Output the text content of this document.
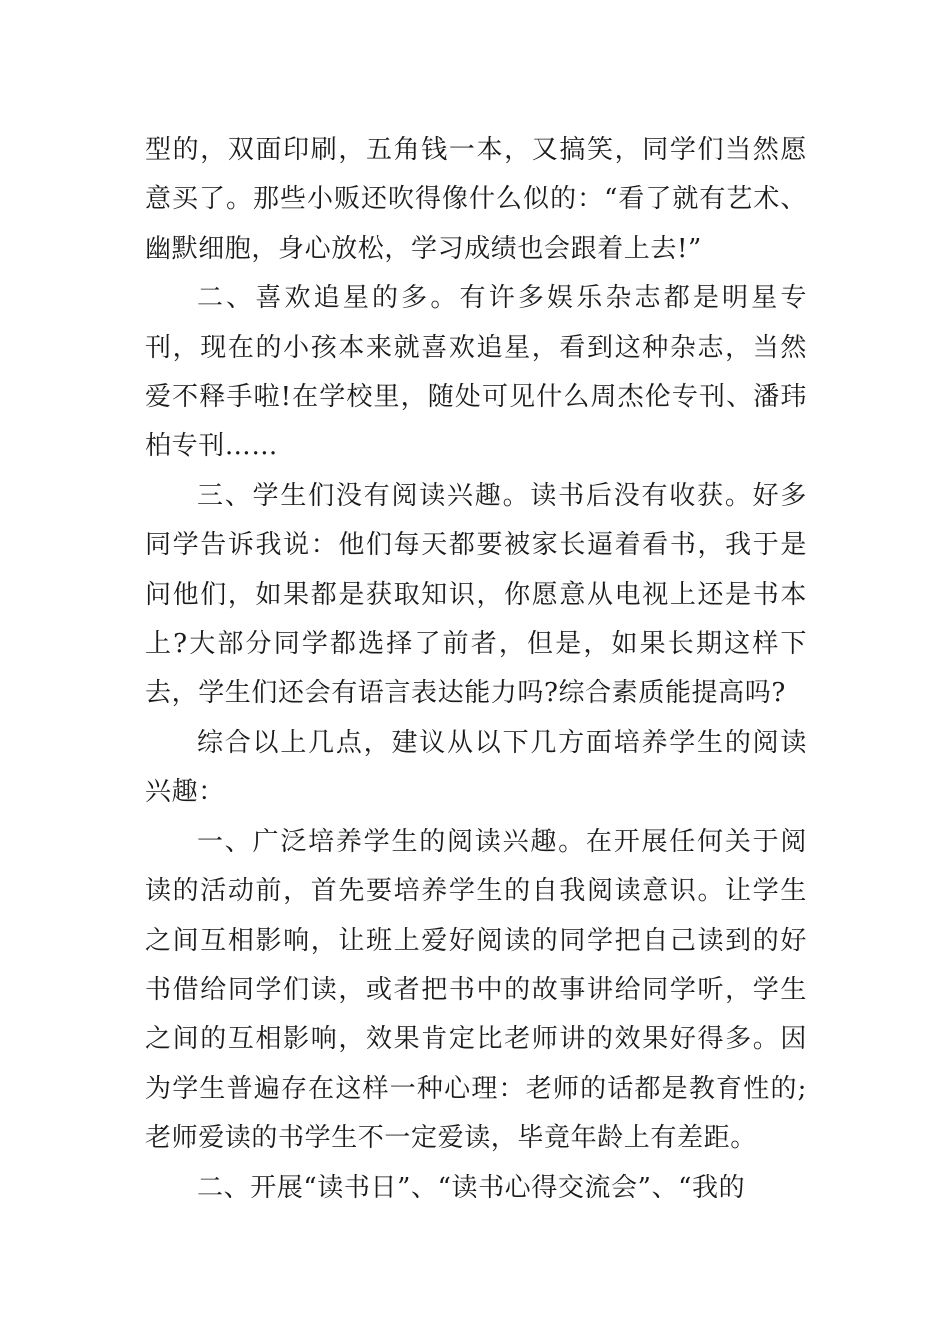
型的，双面印刷，五角钱一本，又搞笑，同学们当然愿意买了。那些小贩还吹得像什么似的：“看了就有艺术、幽默细胞，身心放松，学习成绩也会跟着上去!”

二、喜欢追星的多。有许多娱乐杂志都是明星专刊，现在的小孩本来就喜欢追星，看到这种杂志，当然爱不释手啦!在学校里，随处可见什么周杰伦专刊、潘玮柏专刊……

三、学生们没有阅读兴趣。读书后没有收获。好多同学告诉我说：他们每天都要被家长逼着看书，我于是问他们，如果都是获取知识，你愿意从电视上还是书本上?大部分同学都选择了前者，但是，如果长期这样下去，学生们还会有语言表达能力吗?综合素质能提高吗?

综合以上几点，建议从以下几方面培养学生的阅读兴趣：

一、广泛培养学生的阅读兴趣。在开展任何关于阅读的活动前，首先要培养学生的自我阅读意识。让学生之间互相影响，让班上爱好阅读的同学把自己读到的好书借给同学们读，或者把书中的故事讲给同学听，学生之间的互相影响，效果肯定比老师讲的效果好得多。因为学生普遍存在这样一种心理：老师的话都是教育性的;老师爱读的书学生不一定爱读，毕竟年龄上有差距。

二、开展“读书日”、“读书心得交流会”、“我的
